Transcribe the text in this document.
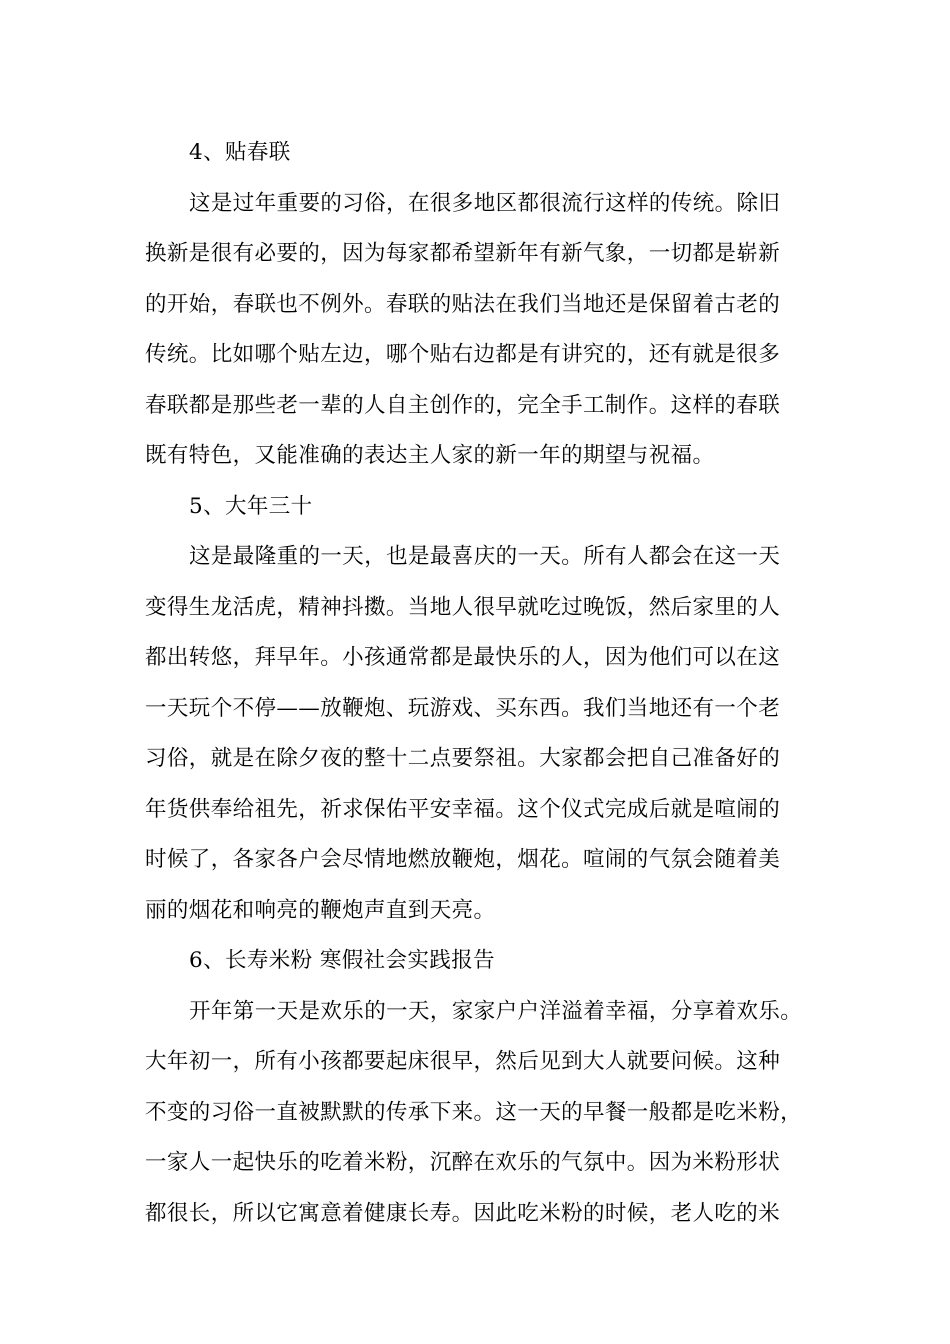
4、贴春联
这是过年重要的习俗，在很多地区都很流行这样的传统。除旧
换新是很有必要的，因为每家都希望新年有新气象，一切都是崭新
的开始，春联也不例外。春联的贴法在我们当地还是保留着古老的
传统。比如哪个贴左边，哪个贴右边都是有讲究的，还有就是很多
春联都是那些老一辈的人自主创作的，完全手工制作。这样的春联
既有特色，又能准确的表达主人家的新一年的期望与祝福。
5、大年三十
这是最隆重的一天，也是最喜庆的一天。所有人都会在这一天
变得生龙活虎，精神抖擞。当地人很早就吃过晚饭，然后家里的人
都出转悠，拜早年。小孩通常都是最快乐的人，因为他们可以在这
一天玩个不停——放鞭炮、玩游戏、买东西。我们当地还有一个老
习俗，就是在除夕夜的整十二点要祭祖。大家都会把自己准备好的
年货供奉给祖先，祈求保佑平安幸福。这个仪式完成后就是喧闹的
时候了，各家各户会尽情地燃放鞭炮，烟花。喧闹的气氛会随着美
丽的烟花和响亮的鞭炮声直到天亮。
6、长寿米粉 寒假社会实践报告
开年第一天是欢乐的一天，家家户户洋溢着幸福，分享着欢乐。
大年初一，所有小孩都要起床很早，然后见到大人就要问候。这种
不变的习俗一直被默默的传承下来。这一天的早餐一般都是吃米粉，
一家人一起快乐的吃着米粉，沉醉在欢乐的气氛中。因为米粉形状
都很长，所以它寓意着健康长寿。因此吃米粉的时候，老人吃的米
